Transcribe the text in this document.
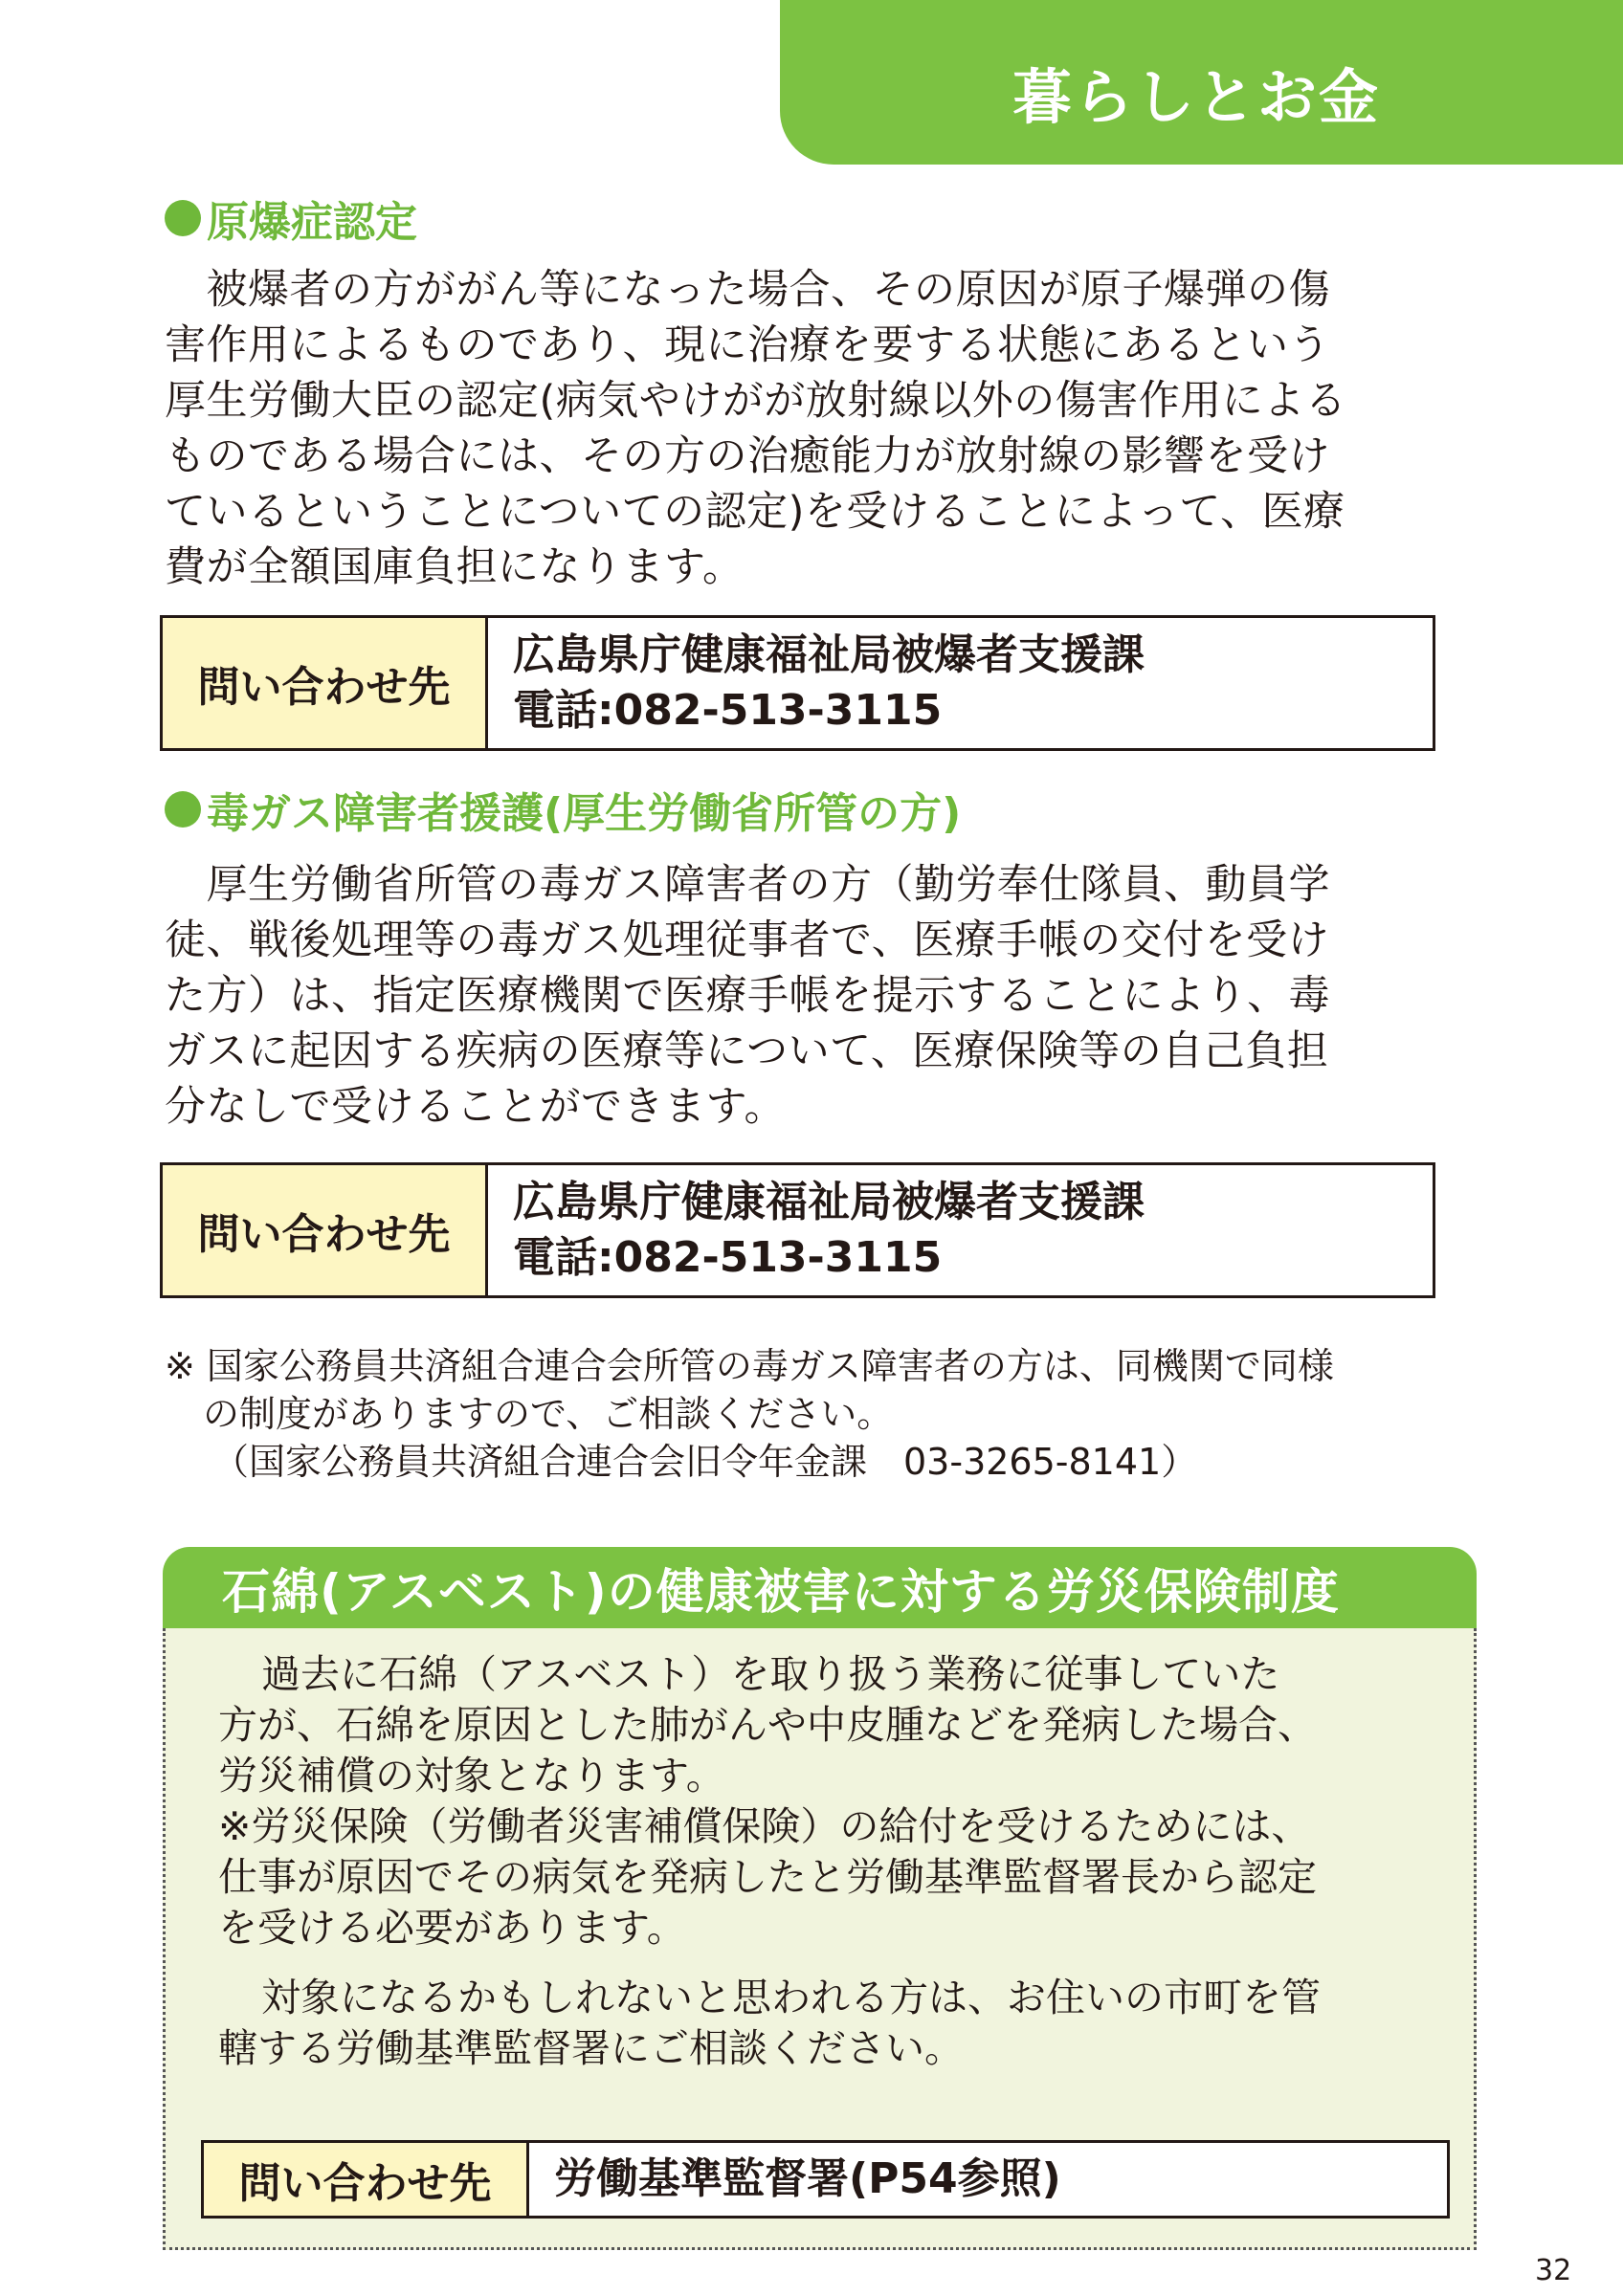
暮らしとお金
原爆症認定
　被爆者の方ががん等になった場合、その原因が原子爆弾の傷
害作用によるものであり、現に治療を要する状態にあるという
厚生労働大臣の認定(病気やけがが放射線以外の傷害作用による
ものである場合には、その方の治癒能力が放射線の影響を受け
ているということについての認定)を受けることによって、医療
費が全額国庫負担になります。
問い合わせ先
広島県庁健康福祉局被爆者支援課
電話:082-513-3115
毒ガス障害者援護(厚生労働省所管の方)
　厚生労働省所管の毒ガス障害者の方（勤労奉仕隊員、動員学
徒、戦後処理等の毒ガス処理従事者で、医療手帳の交付を受け
た方）は、指定医療機関で医療手帳を提示することにより、毒
ガスに起因する疾病の医療等について、医療保険等の自己負担
分なしで受けることができます。
問い合わせ先
広島県庁健康福祉局被爆者支援課
電話:082-513-3115
※ 国家公務員共済組合連合会所管の毒ガス障害者の方は、同機関で同様
の制度がありますので、ご相談ください。
（国家公務員共済組合連合会旧令年金課　03-3265-8141）
石綿(アスベスト)の健康被害に対する労災保険制度

過去に石綿（アスベスト）を取り扱う業務に従事していた
方が、石綿を原因とした肺がんや中皮腫などを発病した場合、
労災補償の対象となります。
※労災保険（労働者災害補償保険）の給付を受けるためには、
仕事が原因でその病気を発病したと労働基準監督署長から認定
を受ける必要があります。

対象になるかもしれないと思われる方は、お住いの市町を管
轄する労働基準監督署にご相談ください。

問い合わせ先	労働基準監督署(P54参照)
32
